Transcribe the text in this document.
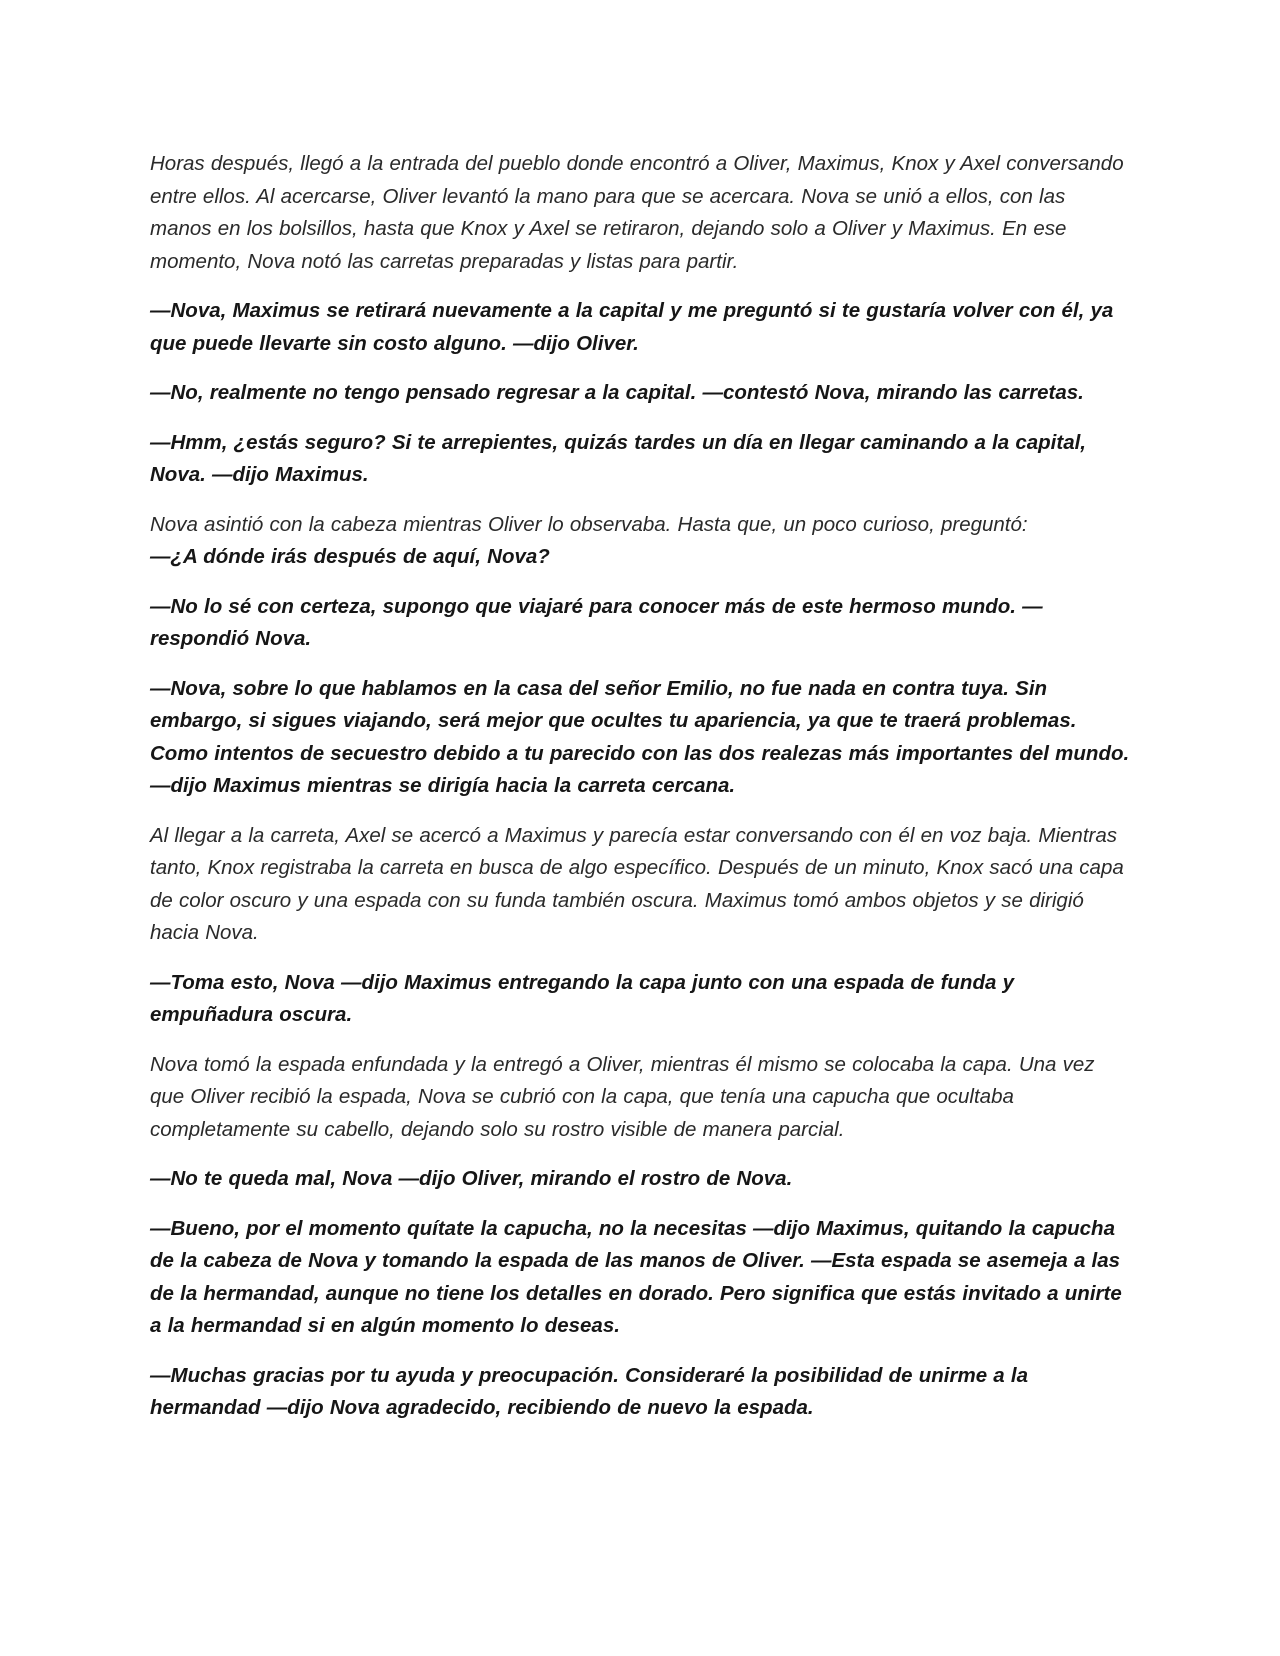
Horas después, llegó a la entrada del pueblo donde encontró a Oliver, Maximus, Knox y Axel conversando entre ellos. Al acercarse, Oliver levantó la mano para que se acercara. Nova se unió a ellos, con las manos en los bolsillos, hasta que Knox y Axel se retiraron, dejando solo a Oliver y Maximus. En ese momento, Nova notó las carretas preparadas y listas para partir.

—Nova, Maximus se retirará nuevamente a la capital y me preguntó si te gustaría volver con él, ya que puede llevarte sin costo alguno. —dijo Oliver.

—No, realmente no tengo pensado regresar a la capital. —contestó Nova, mirando las carretas.

—Hmm, ¿estás seguro? Si te arrepientes, quizás tardes un día en llegar caminando a la capital, Nova. —dijo Maximus.

Nova asintió con la cabeza mientras Oliver lo observaba. Hasta que, un poco curioso, preguntó:
—¿A dónde irás después de aquí, Nova?

—No lo sé con certeza, supongo que viajaré para conocer más de este hermoso mundo. —respondió Nova.

—Nova, sobre lo que hablamos en la casa del señor Emilio, no fue nada en contra tuya. Sin embargo, si sigues viajando, será mejor que ocultes tu apariencia, ya que te traerá problemas. Como intentos de secuestro debido a tu parecido con las dos realezas más importantes del mundo. —dijo Maximus mientras se dirigía hacia la carreta cercana.

Al llegar a la carreta, Axel se acercó a Maximus y parecía estar conversando con él en voz baja. Mientras tanto, Knox registraba la carreta en busca de algo específico. Después de un minuto, Knox sacó una capa de color oscuro y una espada con su funda también oscura. Maximus tomó ambos objetos y se dirigió hacia Nova.

—Toma esto, Nova —dijo Maximus entregando la capa junto con una espada de funda y empuñadura oscura.

Nova tomó la espada enfundada y la entregó a Oliver, mientras él mismo se colocaba la capa. Una vez que Oliver recibió la espada, Nova se cubrió con la capa, que tenía una capucha que ocultaba completamente su cabello, dejando solo su rostro visible de manera parcial.

—No te queda mal, Nova —dijo Oliver, mirando el rostro de Nova.

—Bueno, por el momento quítate la capucha, no la necesitas —dijo Maximus, quitando la capucha de la cabeza de Nova y tomando la espada de las manos de Oliver. —Esta espada se asemeja a las de la hermandad, aunque no tiene los detalles en dorado. Pero significa que estás invitado a unirte a la hermandad si en algún momento lo deseas.

—Muchas gracias por tu ayuda y preocupación. Consideraré la posibilidad de unirme a la hermandad —dijo Nova agradecido, recibiendo de nuevo la espada.
